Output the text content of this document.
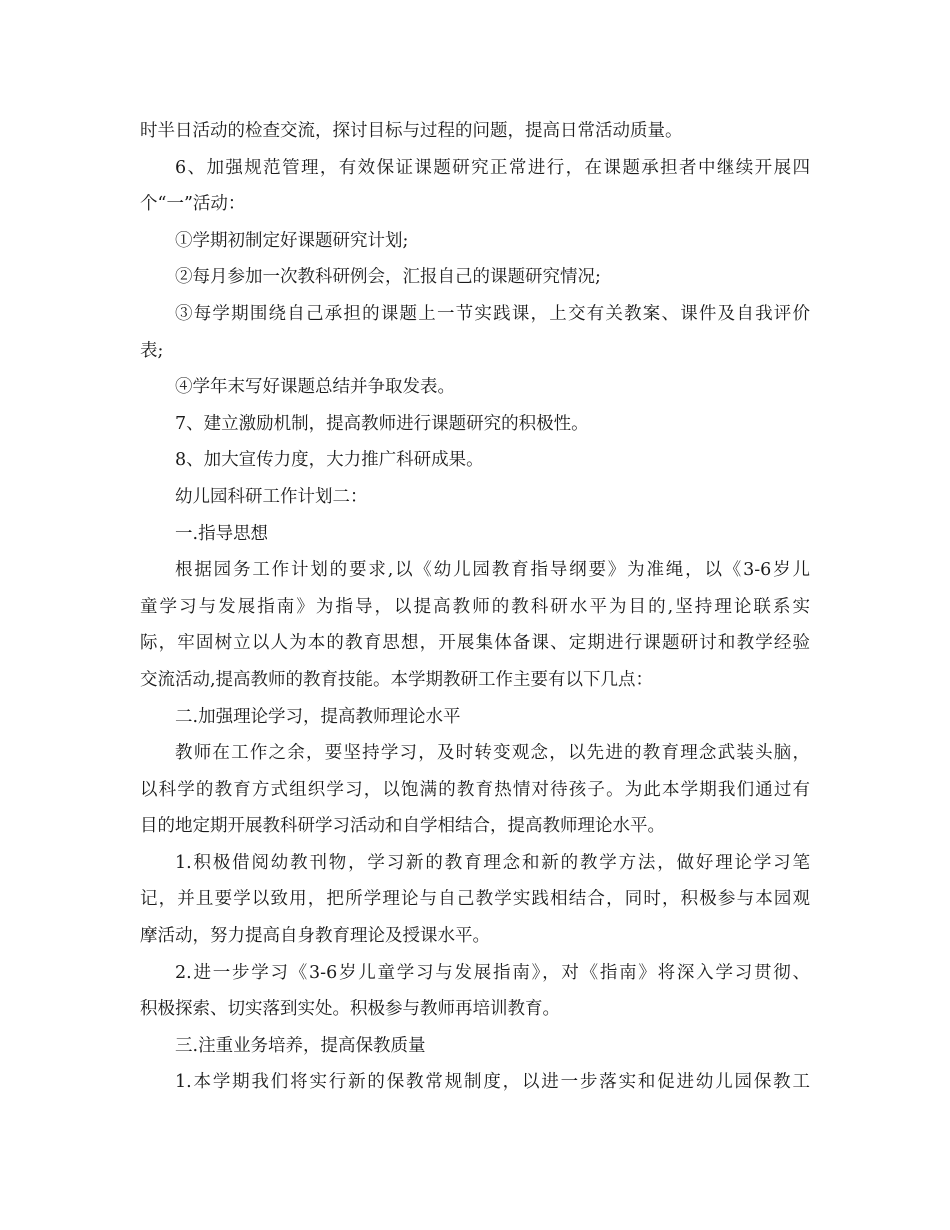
时半日活动的检查交流，探讨目标与过程的问题，提高日常活动质量。
6、加强规范管理，有效保证课题研究正常进行，在课题承担者中继续开展四
个“一”活动：
①学期初制定好课题研究计划;
②每月参加一次教科研例会，汇报自己的课题研究情况;
③每学期围绕自己承担的课题上一节实践课，上交有关教案、课件及自我评价
表;
④学年末写好课题总结并争取发表。
7、建立激励机制，提高教师进行课题研究的积极性。
8、加大宣传力度，大力推广科研成果。
幼儿园科研工作计划二：
一.指导思想
根据园务工作计划的要求,以《幼儿园教育指导纲要》为准绳，以《3-6岁儿
童学习与发展指南》为指导，以提高教师的教科研水平为目的,坚持理论联系实
际，牢固树立以人为本的教育思想，开展集体备课、定期进行课题研讨和教学经验
交流活动,提高教师的教育技能。本学期教研工作主要有以下几点：
二.加强理论学习，提高教师理论水平
教师在工作之余，要坚持学习，及时转变观念，以先进的教育理念武装头脑，
以科学的教育方式组织学习，以饱满的教育热情对待孩子。为此本学期我们通过有
目的地定期开展教科研学习活动和自学相结合，提高教师理论水平。
1.积极借阅幼教刊物，学习新的教育理念和新的教学方法，做好理论学习笔
记，并且要学以致用，把所学理论与自己教学实践相结合，同时，积极参与本园观
摩活动，努力提高自身教育理论及授课水平。
2.进一步学习《3-6岁儿童学习与发展指南》，对《指南》将深入学习贯彻、
积极探索、切实落到实处。积极参与教师再培训教育。
三.注重业务培养，提高保教质量
1.本学期我们将实行新的保教常规制度，以进一步落实和促进幼儿园保教工
